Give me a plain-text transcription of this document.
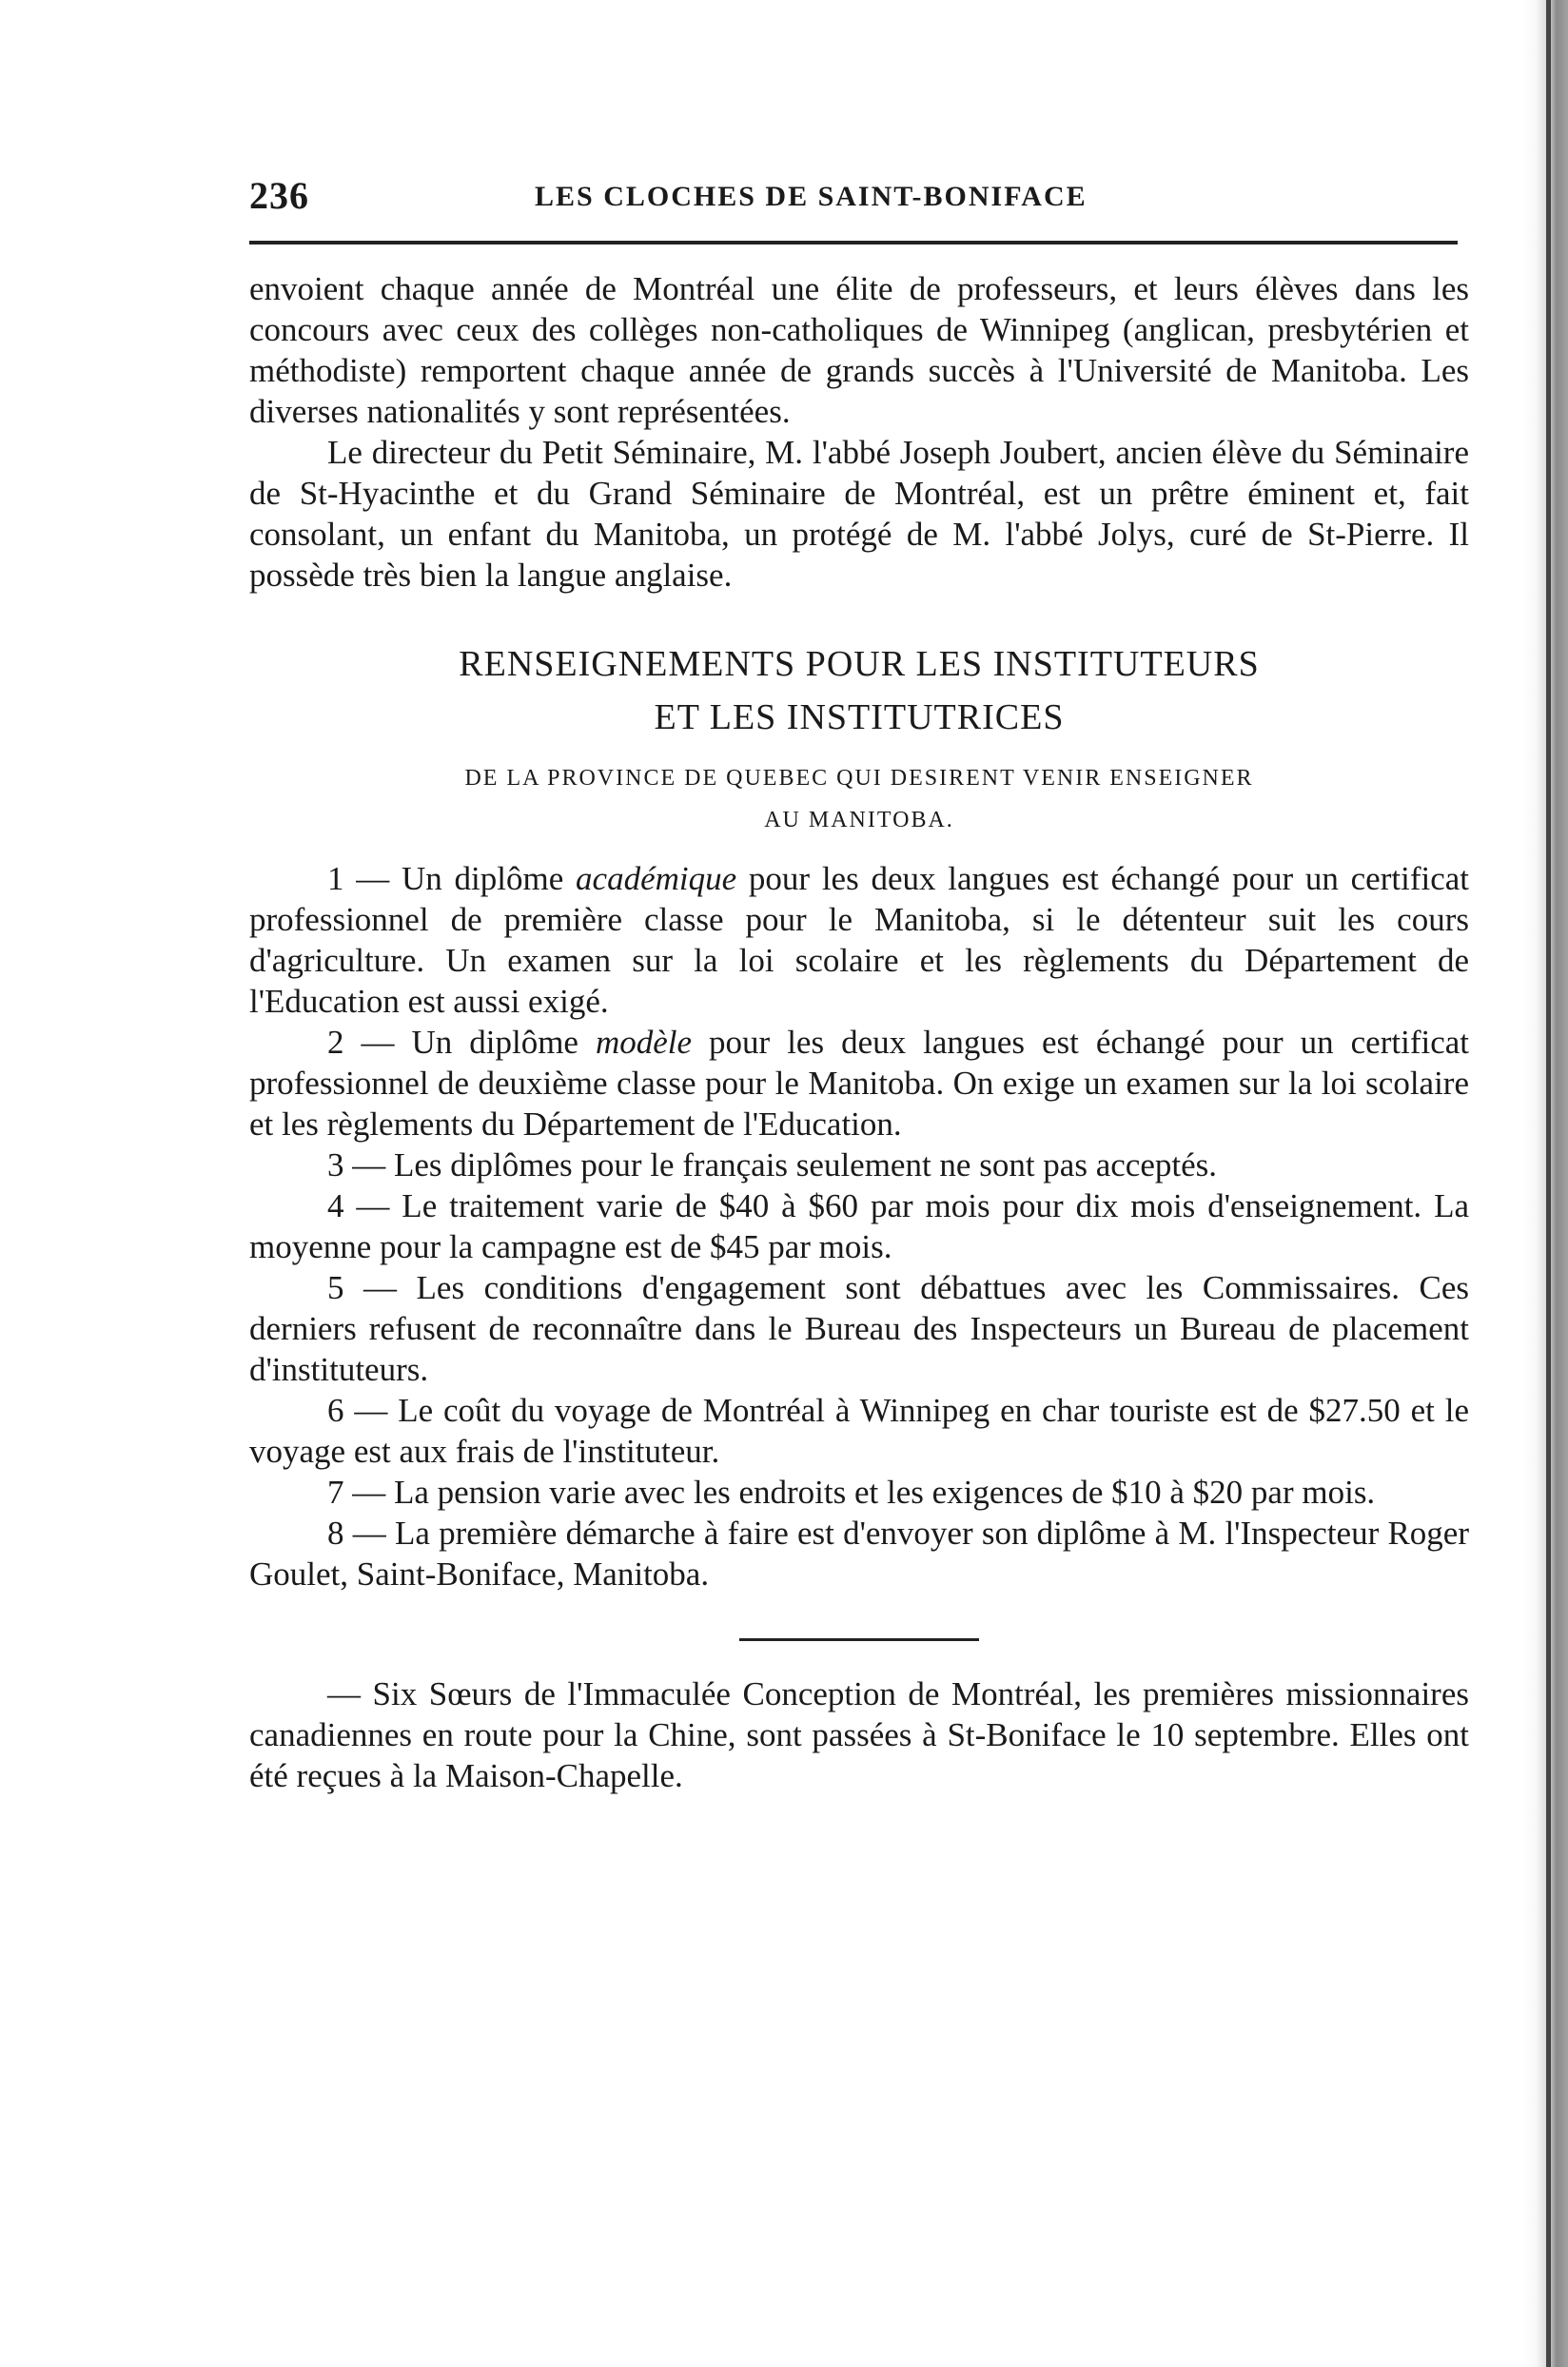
236	LES CLOCHES DE SAINT-BONIFACE

envoient chaque année de Montréal une élite de professeurs, et leurs élèves dans les concours avec ceux des collèges non-catholiques de Winnipeg (anglican, presbytérien et méthodiste) remportent chaque année de grands succès à l'Université de Manitoba. Les diverses nationalités y sont représentées.

Le directeur du Petit Séminaire, M. l'abbé Joseph Joubert, ancien élève du Séminaire de St-Hyacinthe et du Grand Séminaire de Montréal, est un prêtre éminent et, fait consolant, un enfant du Manitoba, un protégé de M. l'abbé Jolys, curé de St-Pierre. Il possède très bien la langue anglaise.

RENSEIGNEMENTS POUR LES INSTITUTEURS

ET LES INSTITUTRICES

DE LA PROVINCE DE QUEBEC QUI DESIRENT VENIR ENSEIGNER

AU MANITOBA.

1 — Un diplôme académique pour les deux langues est échangé pour un certificat professionnel de première classe pour le Manitoba, si le détenteur suit les cours d'agriculture. Un examen sur la loi scolaire et les règlements du Département de l'Education est aussi exigé.

2 — Un diplôme modèle pour les deux langues est échangé pour un certificat professionnel de deuxième classe pour le Manitoba. On exige un examen sur la loi scolaire et les règlements du Département de l'Education.

3 — Les diplômes pour le français seulement ne sont pas acceptés.

4 — Le traitement varie de $40 à $60 par mois pour dix mois d'enseignement. La moyenne pour la campagne est de $45 par mois.

5 — Les conditions d'engagement sont débattues avec les Commissaires. Ces derniers refusent de reconnaître dans le Bureau des Inspecteurs un Bureau de placement d'instituteurs.

6 — Le coût du voyage de Montréal à Winnipeg en char touriste est de $27.50 et le voyage est aux frais de l'instituteur.

7 — La pension varie avec les endroits et les exigences de $10 à $20 par mois.

8 — La première démarche à faire est d'envoyer son diplôme à M. l'Inspecteur Roger Goulet, Saint-Boniface, Manitoba.

— Six Sœurs de l'Immaculée Conception de Montréal, les premières missionnaires canadiennes en route pour la Chine, sont passées à St-Boniface le 10 septembre. Elles ont été reçues à la Maison-Chapelle.
